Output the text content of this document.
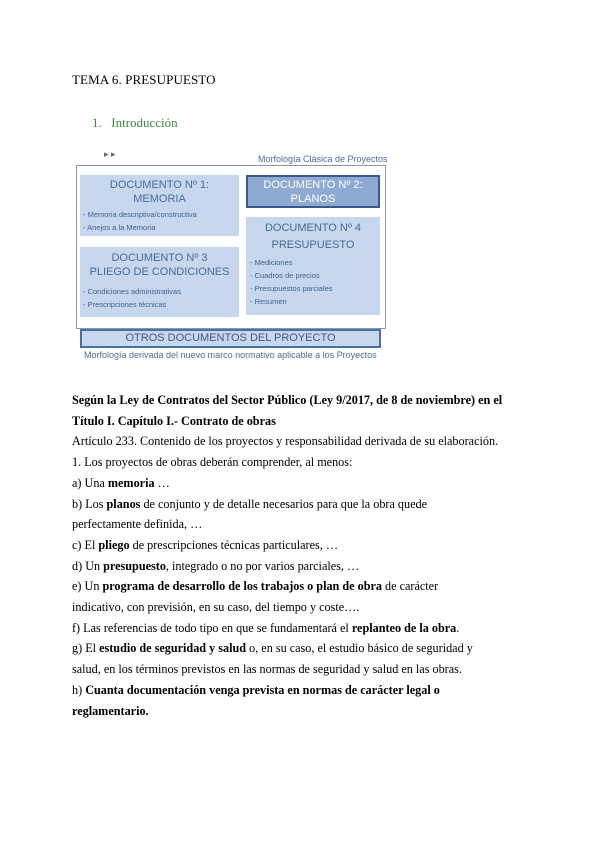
TEMA 6. PRESUPUESTO
1. Introducción
▸ ▸	Morfología Clásica de Proyectos
DOCUMENTO Nº 1:
MEMORIA
- Memoria descriptiva/constructiva
- Anejos a la Memoria
DOCUMENTO Nº 2:
PLANOS
DOCUMENTO Nº 3
PLIEGO DE CONDICIONES
- Condiciones administrativas
- Prescripciones técnicas
DOCUMENTO Nº 4
PRESUPUESTO
- Mediciones
- Cuadros de precios
- Presupuestos parciales
- Resumen
OTROS DOCUMENTOS DEL PROYECTO
Morfología derivada del nuevo marco normativo aplicable a los Proyectos

Según la Ley de Contratos del Sector Público (Ley 9/2017, de 8 de noviembre) en el

Título I. Capítulo I.- Contrato de obras

Artículo 233. Contenido de los proyectos y responsabilidad derivada de su elaboración.

1. Los proyectos de obras deberán comprender, al menos:

a) Una memoria …

b) Los planos de conjunto y de detalle necesarios para que la obra quede

perfectamente definida, …

c) El pliego de prescripciones técnicas particulares, …

d) Un presupuesto, integrado o no por varios parciales, …

e) Un programa de desarrollo de los trabajos o plan de obra de carácter

indicativo, con previsión, en su caso, del tiempo y coste….

f) Las referencias de todo tipo en que se fundamentará el replanteo de la obra.

g) El estudio de seguridad y salud o, en su caso, el estudio básico de seguridad y

salud, en los términos previstos en las normas de seguridad y salud en las obras.

h) Cuanta documentación venga prevista en normas de carácter legal o

reglamentario.
